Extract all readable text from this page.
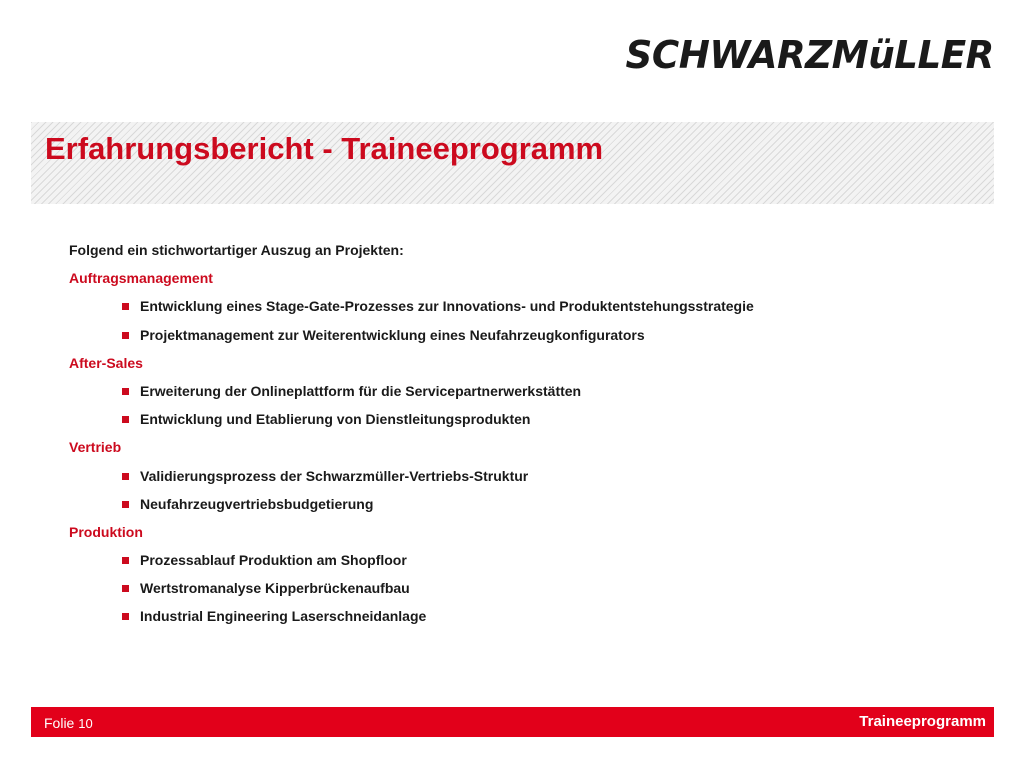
SCHWARZMüLLER
Erfahrungsbericht - Traineeprogramm
Folgend ein stichwortartiger Auszug an Projekten:
Auftragsmanagement
Entwicklung eines Stage-Gate-Prozesses zur Innovations- und Produktentstehungsstrategie
Projektmanagement zur Weiterentwicklung eines Neufahrzeugkonfigurators
After-Sales
Erweiterung der Onlineplattform für die Servicepartnerwerkstätten
Entwicklung und Etablierung von Dienstleitungsprodukten
Vertrieb
Validierungsprozess der Schwarzmüller-Vertriebs-Struktur
Neufahrzeugvertriebsbudgetierung
Produktion
Prozessablauf Produktion am Shopfloor
Wertstromanalyse Kipperbrückenaufbau
Industrial Engineering Laserschneidanlage
Folie 10	Traineeprogramm
